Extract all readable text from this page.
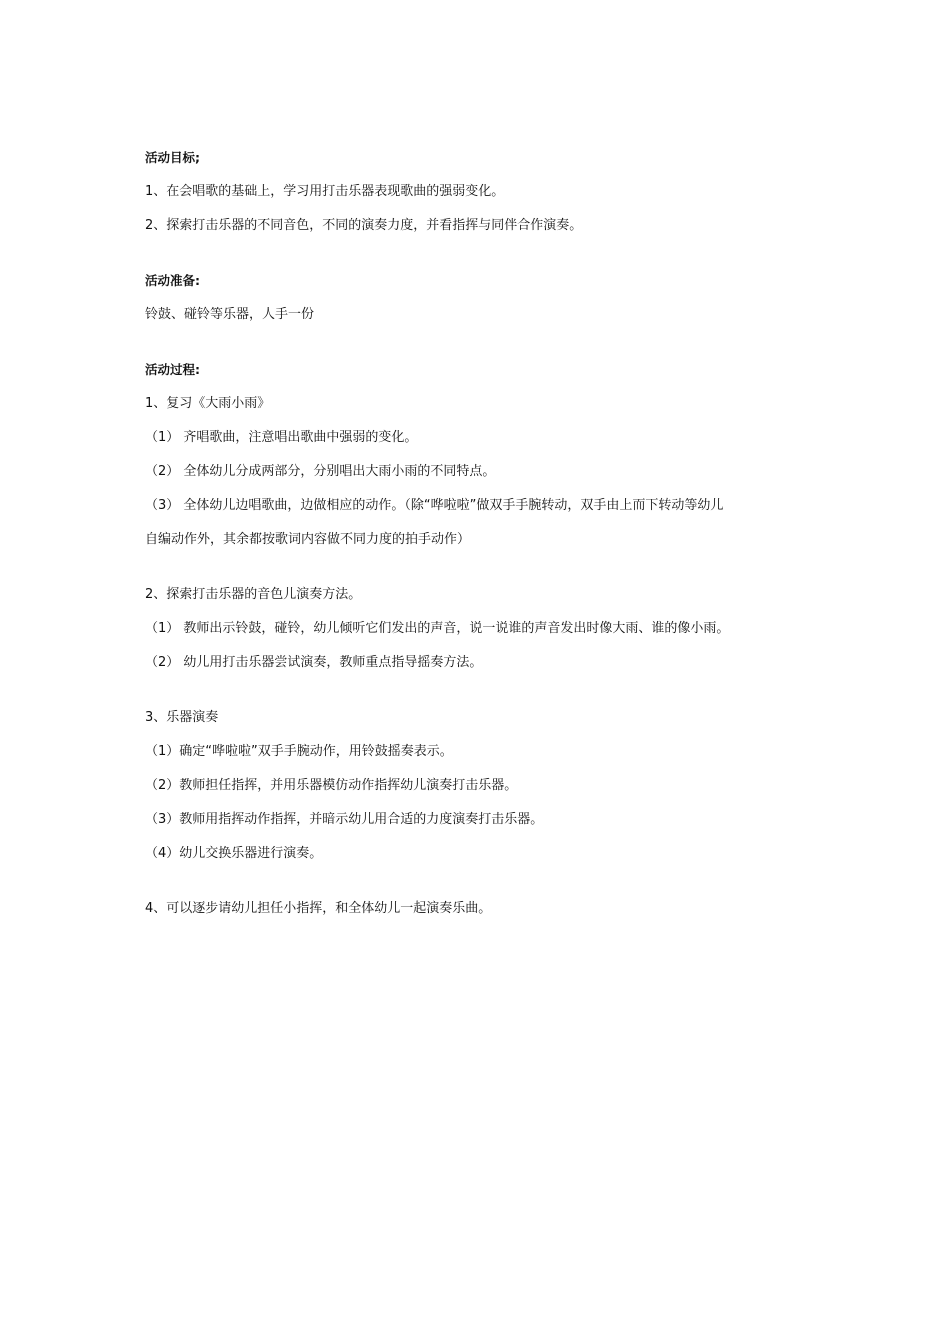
活动目标;
1、在会唱歌的基础上，学习用打击乐器表现歌曲的强弱变化。
2、探索打击乐器的不同音色，不同的演奏力度，并看指挥与同伴合作演奏。
活动准备:
铃鼓、碰铃等乐器，人手一份
活动过程:
1、复习《大雨小雨》
（1） 齐唱歌曲，注意唱出歌曲中强弱的变化。
（2） 全体幼儿分成两部分，分别唱出大雨小雨的不同特点。
（3） 全体幼儿边唱歌曲，边做相应的动作。（除“哗啦啦”做双手手腕转动，双手由上而下转动等幼儿
自编动作外，其余都按歌词内容做不同力度的拍手动作）
2、探索打击乐器的音色儿演奏方法。
（1） 教师出示铃鼓，碰铃，幼儿倾听它们发出的声音，说一说谁的声音发出时像大雨、谁的像小雨。
（2） 幼儿用打击乐器尝试演奏，教师重点指导摇奏方法。
3、乐器演奏
（1）确定“哗啦啦”双手手腕动作，用铃鼓摇奏表示。
（2）教师担任指挥，并用乐器模仿动作指挥幼儿演奏打击乐器。
（3）教师用指挥动作指挥，并暗示幼儿用合适的力度演奏打击乐器。
（4）幼儿交换乐器进行演奏。
4、可以逐步请幼儿担任小指挥，和全体幼儿一起演奏乐曲。
